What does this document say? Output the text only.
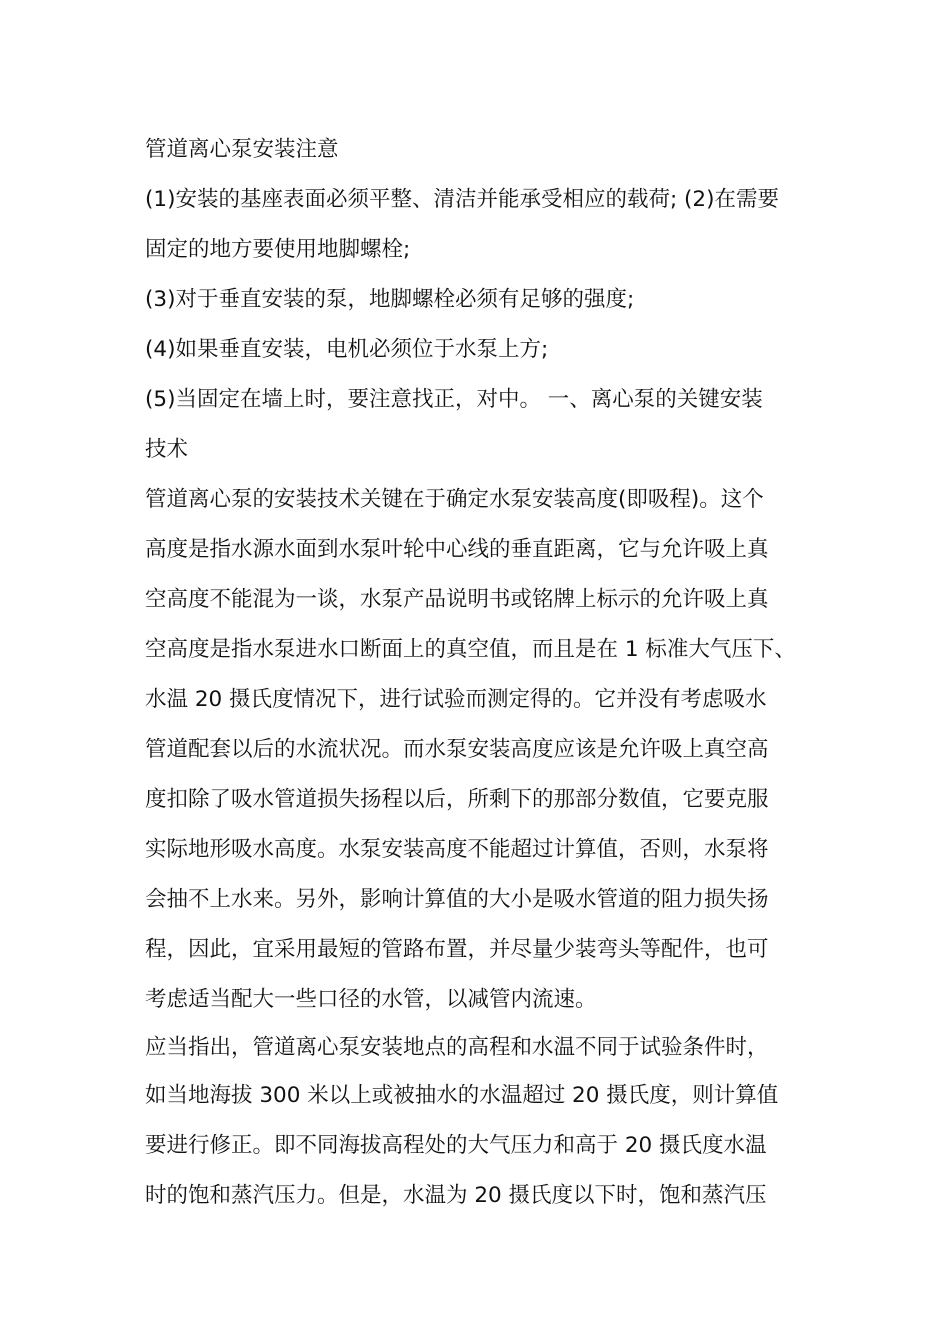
管道离心泵安装注意
(1)安装的基座表面必须平整、清洁并能承受相应的载荷; (2)在需要
固定的地方要使用地脚螺栓;
(3)对于垂直安装的泵，地脚螺栓必须有足够的强度;
(4)如果垂直安装，电机必须位于水泵上方;
(5)当固定在墙上时，要注意找正，对中。 一、离心泵的关键安装
技术
管道离心泵的安装技术关键在于确定水泵安装高度(即吸程)。这个
高度是指水源水面到水泵叶轮中心线的垂直距离，它与允许吸上真
空高度不能混为一谈，水泵产品说明书或铭牌上标示的允许吸上真
空高度是指水泵进水口断面上的真空值，而且是在 1 标准大气压下、
水温 20 摄氏度情况下，进行试验而测定得的。它并没有考虑吸水
管道配套以后的水流状况。而水泵安装高度应该是允许吸上真空高
度扣除了吸水管道损失扬程以后，所剩下的那部分数值，它要克服
实际地形吸水高度。水泵安装高度不能超过计算值，否则，水泵将
会抽不上水来。另外，影响计算值的大小是吸水管道的阻力损失扬
程，因此，宜采用最短的管路布置，并尽量少装弯头等配件，也可
考虑适当配大一些口径的水管，以减管内流速。
应当指出，管道离心泵安装地点的高程和水温不同于试验条件时，
如当地海拔 300 米以上或被抽水的水温超过 20 摄氏度，则计算值
要进行修正。即不同海拔高程处的大气压力和高于 20 摄氏度水温
时的饱和蒸汽压力。但是，水温为 20 摄氏度以下时，饱和蒸汽压
